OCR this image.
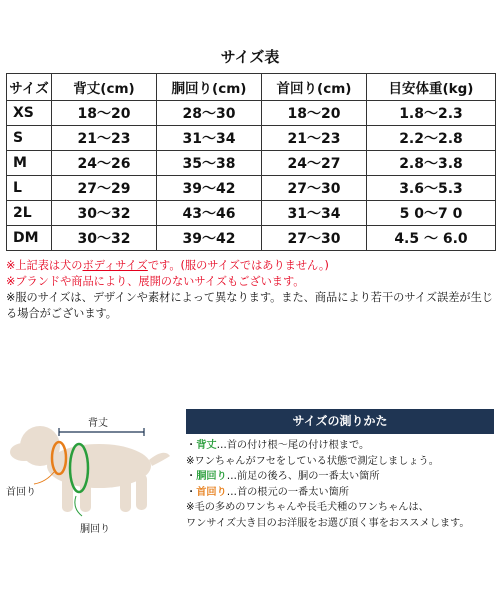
サイズ表
サイズ	背丈(cm)	胴回り(cm)	首回り(cm)	目安体重(kg)
XS	18〜20	28〜30	18〜20	1.8〜2.3
S	21〜23	31〜34	21〜23	2.2〜2.8
M	24〜26	35〜38	24〜27	2.8〜3.8
L	27〜29	39〜42	27〜30	3.6〜5.3
2L	30〜32	43〜46	31〜34	5 0〜7 0
DM	30〜32	39〜42	27〜30	4.5 〜 6.0
※上記表は犬のボディサイズです。(服のサイズではありません。)
※ブランドや商品により、展開のないサイズもございます。
※服のサイズは、デザインや素材によって異なります。また、商品により若干のサイズ誤差が生じる場合がございます。
背丈
首回り
胴回り
サイズの測りかた
・背丈…首の付け根〜尾の付け根まで。
※ワンちゃんがフセをしている状態で測定しましょう。
・胴回り…前足の後ろ、胴の一番太い箇所
・首回り…首の根元の一番太い箇所
※毛の多めのワンちゃんや長毛犬種のワンちゃんは、
ワンサイズ大き目のお洋服をお選び頂く事をおススメします。
